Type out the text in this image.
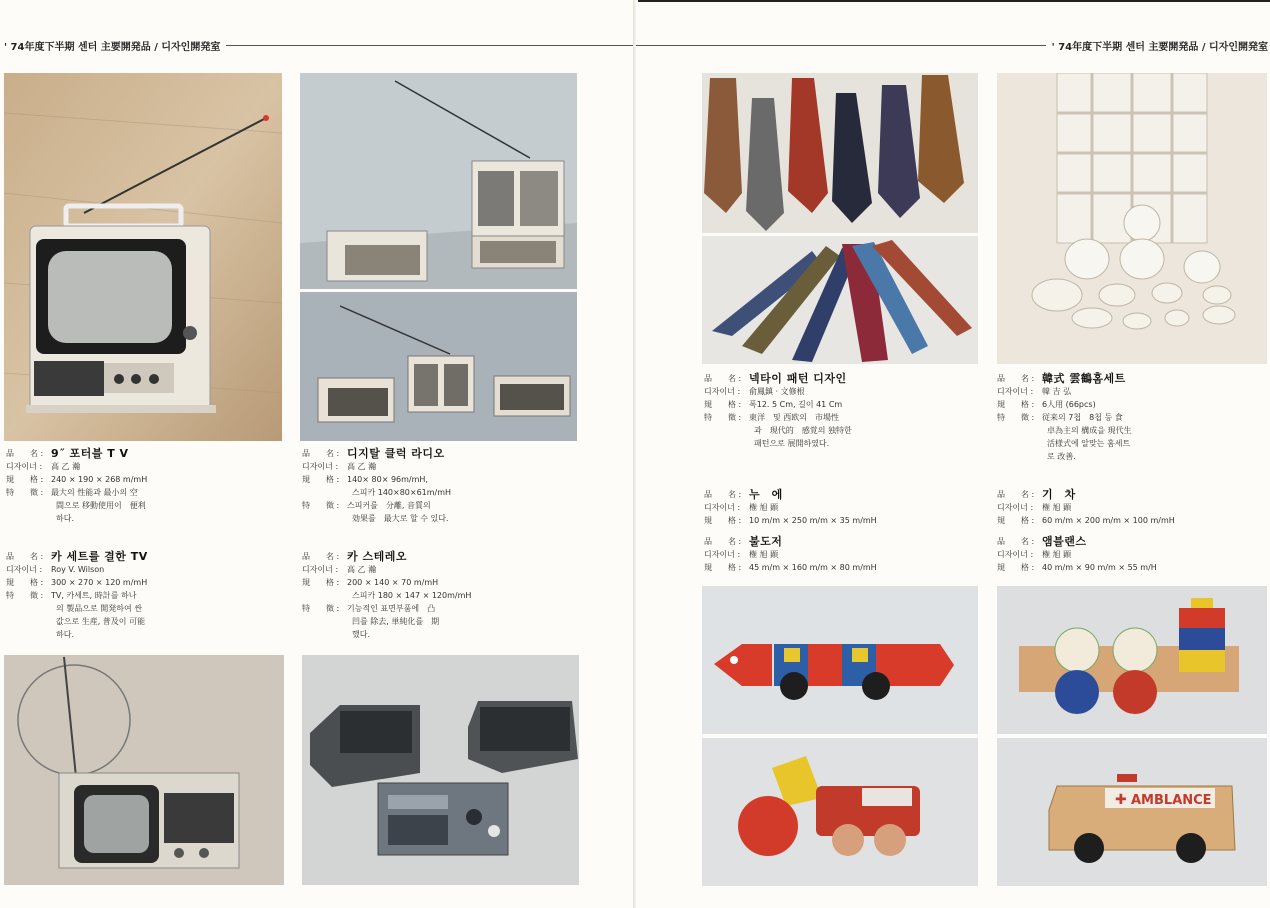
' 74年度下半期 센터 主要開発品 / 디자인開発室
品　　名 : 9˝ 포터블 T V
디자이너 :	高 乙 瀚
規　　格 : 240 × 190 × 268 m/mH
特　　徵 : 最大의 性能과 最小의 空
間으로 移動使用이　便利
하다.
品　　名 : 디지탈 클럭 라디오
디자이너 :	高 乙 瀚
規　　格 : 140× 80× 96m/mH,
스피카 140×80×61m/mH
特　　徵 : 스피커를　分離, 音質의
効果를　最大로 할 수 있다.
品　　名 : 카 세트를 결한 TV
디자이너 :	Roy V. Wilson
規　　格 : 300 × 270 × 120 m/mH
特　　徵 : TV, 카세트, 時計를 하나
의 製品으로 開発하여 싼
값으로 生産, 普及이 可能
하다.
品　　名 : 카 스테레오
디자이너 :	高 乙 瀚
規　　格 : 200 × 140 × 70 m/mH
스피카 180 × 147 × 120m/mH
特　　徵 : 기능적인 표면부품에　凸
凹를 除去, 単純化를　期
했다.
' 74年度下半期 센터 主要開発品 / 디자인開発室
品　　名 : 넥타이 패턴 디자인
디자이너 :	俞鳳鎮 · 文修根
規　　格 : 폭12. 5 Cm, 길이 41 Cm
特　　徵 : 東洋　및 西欧의　市場性
과　現代的　感覚의 独特한
패턴으로 展開하였다.
品　　名 : 韓式 雲鶴홈세트
디자이너 :	韓 吉 弘
規　　格 : 6人用 (66pcs)
特　　徵 : 従来의 7첩　8첩 등 食
卓為主의 構成을 現代生
活様式에 알맞는 홈세트
로 改善.
品　　名 : 누　에
디자이너 :	権 旭 顕
規　　格 : 10 m/m × 250 m/m × 35 m/mH
品　　名 : 불도저
디자이너 :	権 旭 顕
規　　格 : 45 m/m × 160 m/m × 80 m/mH
品　　名 : 기　차
디자이너 :	権 旭 顕
規　　格 : 60 m/m × 200 m/m × 100 m/mH
品　　名 : 앰블랜스
디자이너 :	権 旭 顕
規　　格 : 40 m/m × 90 m/m × 55 m/H
✚ AMBLANCE
